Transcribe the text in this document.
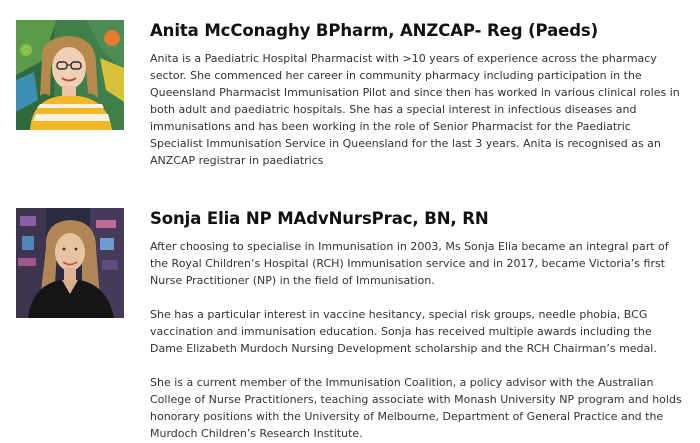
Anita McConaghy BPharm, ANZCAP- Reg (Paeds)

Anita is a Paediatric Hospital Pharmacist with >10 years of experience across the pharmacy sector. She commenced her career in community pharmacy including participation in the Queensland Pharmacist Immunisation Pilot and since then has worked in various clinical roles in both adult and paediatric hospitals. She has a special interest in infectious diseases and immunisations and has been working in the role of Senior Pharmacist for the Paediatric Specialist Immunisation Service in Queensland for the last 3 years. Anita is recognised as an ANZCAP registrar in paediatrics

Sonja Elia NP MAdvNursPrac, BN, RN

After choosing to specialise in Immunisation in 2003, Ms Sonja Elia became an integral part of the Royal Children’s Hospital (RCH) Immunisation service and in 2017, became Victoria’s first Nurse Practitioner (NP) in the field of Immunisation.

She has a particular interest in vaccine hesitancy, special risk groups, needle phobia, BCG vaccination and immunisation education. Sonja has received multiple awards including the Dame Elizabeth Murdoch Nursing Development scholarship and the RCH Chairman’s medal.

She is a current member of the Immunisation Coalition, a policy advisor with the Australian College of Nurse Practitioners, teaching associate with Monash University NP program and holds honorary positions with the University of Melbourne, Department of General Practice and the Murdoch Children’s Research Institute.
